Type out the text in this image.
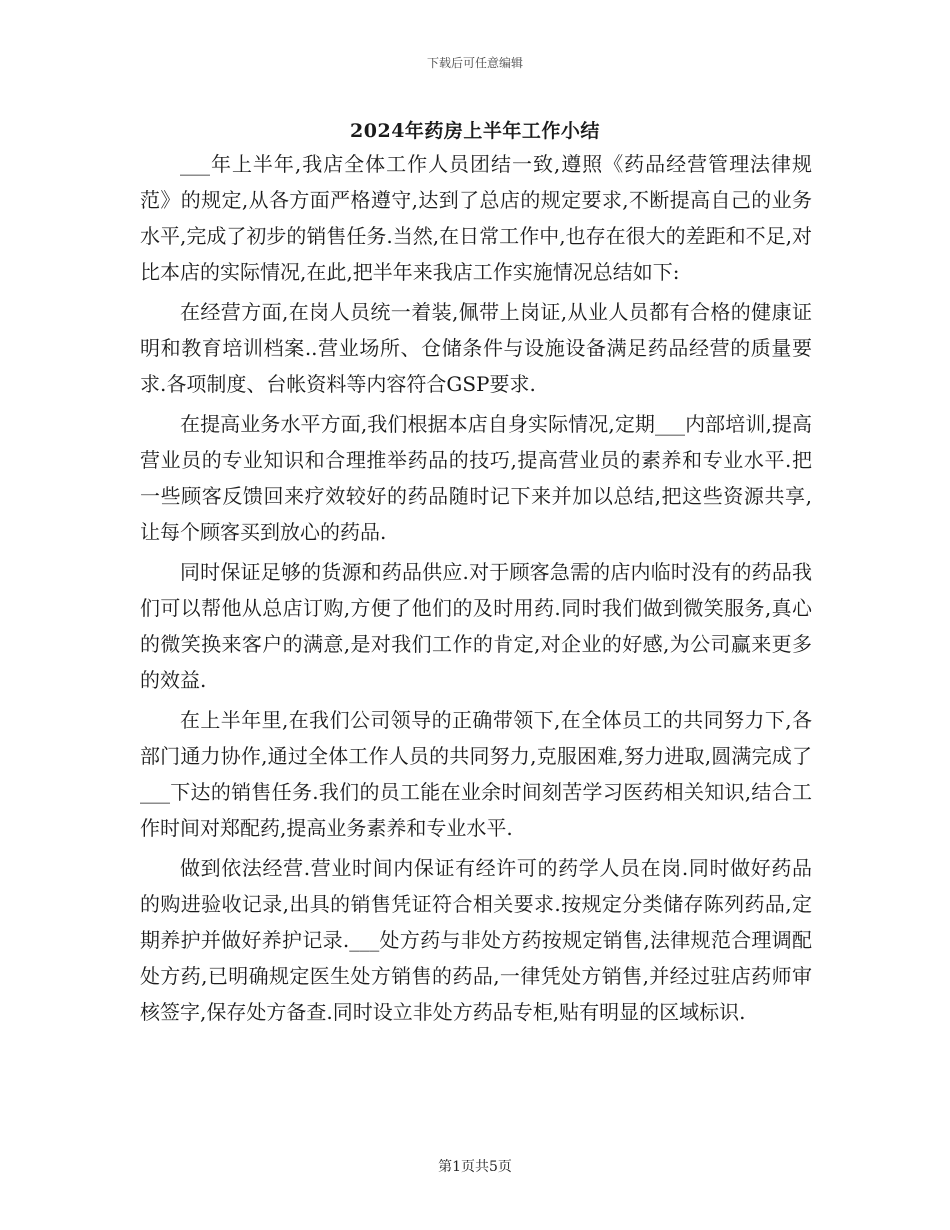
下载后可任意编辑
2024年药房上半年工作小结

___年上半年,我店全体工作人员团结一致,遵照《药品经营管理法律规范》的规定,从各方面严格遵守,达到了总店的规定要求,不断提高自己的业务水平,完成了初步的销售任务.当然,在日常工作中,也存在很大的差距和不足,对比本店的实际情况,在此,把半年来我店工作实施情况总结如下:

在经营方面,在岗人员统一着装,佩带上岗证,从业人员都有合格的健康证明和教育培训档案..营业场所、仓储条件与设施设备满足药品经营的质量要求.各项制度、台帐资料等内容符合GSP要求.

在提高业务水平方面,我们根据本店自身实际情况,定期___内部培训,提高营业员的专业知识和合理推举药品的技巧,提高营业员的素养和专业水平.把一些顾客反馈回来疗效较好的药品随时记下来并加以总结,把这些资源共享,让每个顾客买到放心的药品.

同时保证足够的货源和药品供应.对于顾客急需的店内临时没有的药品我们可以帮他从总店订购,方便了他们的及时用药.同时我们做到微笑服务,真心的微笑换来客户的满意,是对我们工作的肯定,对企业的好感,为公司赢来更多的效益.

在上半年里,在我们公司领导的正确带领下,在全体员工的共同努力下,各部门通力协作,通过全体工作人员的共同努力,克服困难,努力进取,圆满完成了___下达的销售任务.我们的员工能在业余时间刻苦学习医药相关知识,结合工作时间对郑配药,提高业务素养和专业水平.

做到依法经营.营业时间内保证有经许可的药学人员在岗.同时做好药品的购进验收记录,出具的销售凭证符合相关要求.按规定分类储存陈列药品,定期养护并做好养护记录.___处方药与非处方药按规定销售,法律规范合理调配处方药,已明确规定医生处方销售的药品,一律凭处方销售,并经过驻店药师审核签字,保存处方备查.同时设立非处方药品专柜,贴有明显的区域标识.

第1页共5页
